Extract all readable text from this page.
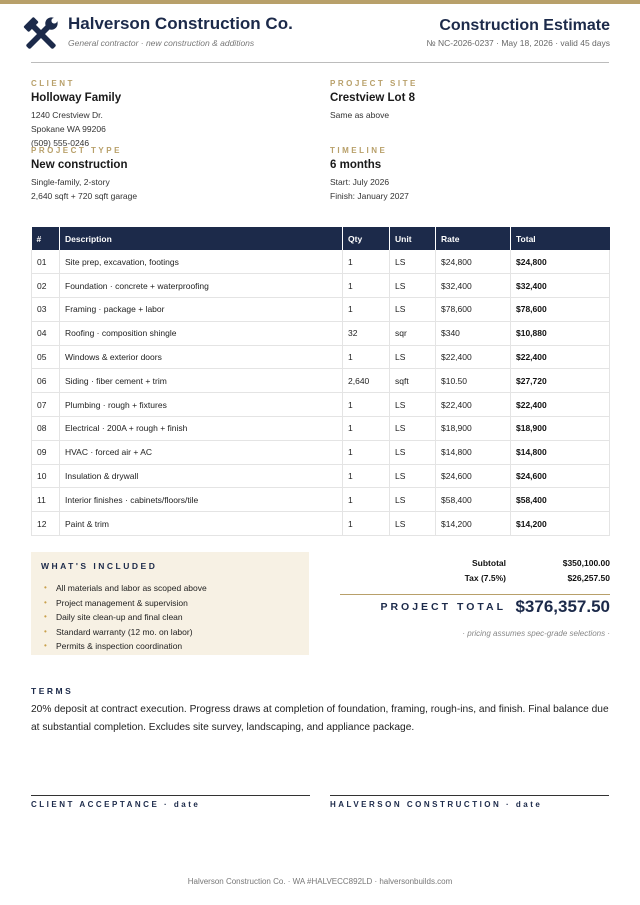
Halverson Construction Co.
General contractor · new construction & additions
Construction Estimate
№ NC-2026-0237 · May 18, 2026 · valid 45 days
CLIENT
Holloway Family
1240 Crestview Dr.
Spokane WA 99206
(509) 555-0246
PROJECT SITE
Crestview Lot 8
Same as above
PROJECT TYPE
New construction
Single-family, 2-story
2,640 sqft + 720 sqft garage
TIMELINE
6 months
Start: July 2026
Finish: January 2027
#	Description	Qty	Unit	Rate	Total
01	Site prep, excavation, footings	1	LS	$24,800	$24,800
02	Foundation · concrete + waterproofing	1	LS	$32,400	$32,400
03	Framing · package + labor	1	LS	$78,600	$78,600
04	Roofing · composition shingle	32	sqr	$340	$10,880
05	Windows & exterior doors	1	LS	$22,400	$22,400
06	Siding · fiber cement + trim	2,640	sqft	$10.50	$27,720
07	Plumbing · rough + fixtures	1	LS	$22,400	$22,400
08	Electrical · 200A + rough + finish	1	LS	$18,900	$18,900
09	HVAC · forced air + AC	1	LS	$14,800	$14,800
10	Insulation & drywall	1	LS	$24,600	$24,600
11	Interior finishes · cabinets/floors/tile	1	LS	$58,400	$58,400
12	Paint & trim	1	LS	$14,200	$14,200
WHAT'S INCLUDED
• All materials and labor as scoped above
• Project management & supervision
• Daily site clean-up and final clean
• Standard warranty (12 mo. on labor)
• Permits & inspection coordination
Subtotal	$350,100.00
Tax (7.5%)	$26,257.50
PROJECT TOTAL $376,357.50
· pricing assumes spec-grade selections ·
TERMS
20% deposit at contract execution. Progress draws at completion of foundation, framing, rough-ins, and finish. Final balance due at substantial completion. Excludes site survey, landscaping, and appliance package.
CLIENT ACCEPTANCE · date	HALVERSON CONSTRUCTION · date
Halverson Construction Co. · WA #HALVECC892LD · halversonbuilds.com
